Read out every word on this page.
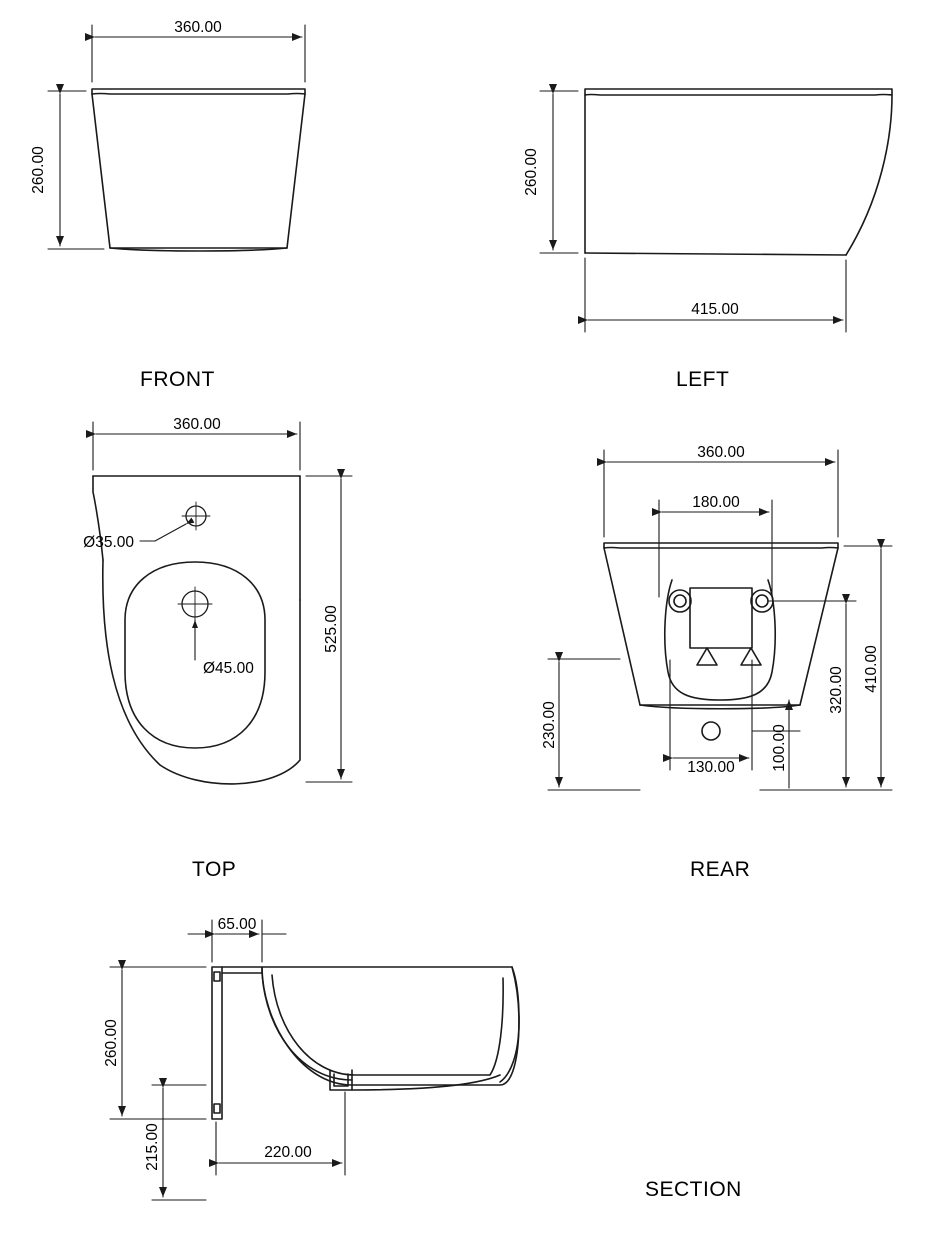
360.00
260.00	260.00
415.00
360.00
525.00
Ø35.00
Ø45.00
360.00
180.00
130.00
410.00
320.00
230.00	100.00
65.00
260.00
215.00	220.00
FRONT	LEFT
TOP	REAR
SECTION
